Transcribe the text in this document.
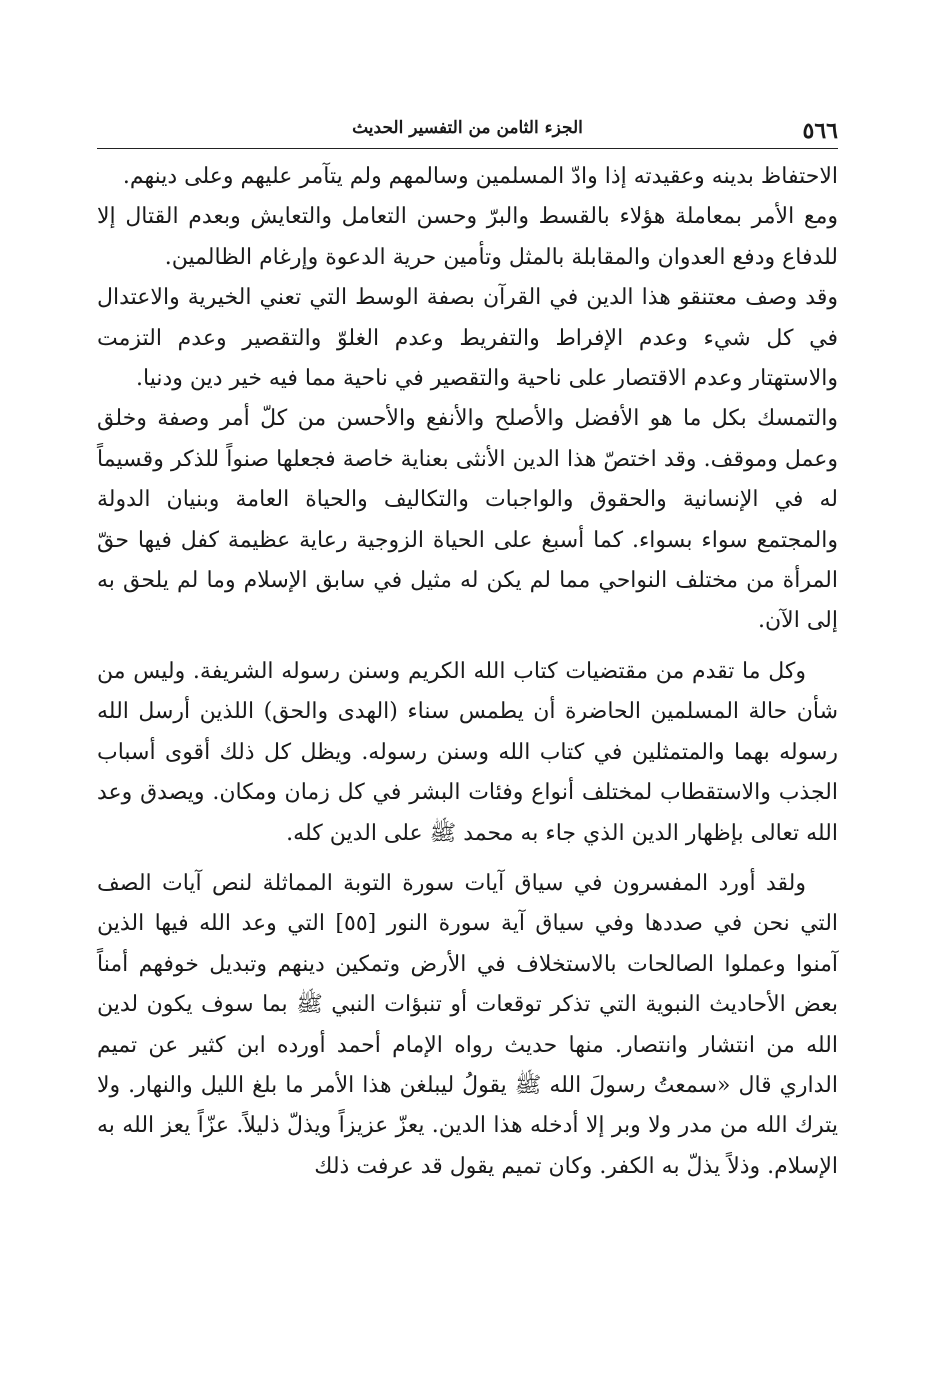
٥٦٦
الجزء الثامن من التفسير الحديث

الاحتفاظ بدينه وعقيدته إذا وادّ المسلمين وسالمهم ولم يتآمر عليهم وعلى دينهم.

ومع الأمر بمعاملة هؤلاء بالقسط والبرّ وحسن التعامل والتعايش وبعدم القتال إلا للدفاع ودفع العدوان والمقابلة بالمثل وتأمين حرية الدعوة وإرغام الظالمين.

وقد وصف معتنقو هذا الدين في القرآن بصفة الوسط التي تعني الخيرية والاعتدال في كل شيء وعدم الإفراط والتفريط وعدم الغلوّ والتقصير وعدم التزمت والاستهتار وعدم الاقتصار على ناحية والتقصير في ناحية مما فيه خير دين ودنيا.

والتمسك بكل ما هو الأفضل والأصلح والأنفع والأحسن من كلّ أمر وصفة وخلق وعمل وموقف. وقد اختصّ هذا الدين الأنثى بعناية خاصة فجعلها صنواً للذكر وقسيماً له في الإنسانية والحقوق والواجبات والتكاليف والحياة العامة وبنيان الدولة والمجتمع سواء بسواء. كما أسبغ على الحياة الزوجية رعاية عظيمة كفل فيها حقّ المرأة من مختلف النواحي مما لم يكن له مثيل في سابق الإسلام وما لم يلحق به إلى الآن.

وكل ما تقدم من مقتضيات كتاب الله الكريم وسنن رسوله الشريفة. وليس من شأن حالة المسلمين الحاضرة أن يطمس سناء (الهدى والحق) اللذين أرسل الله رسوله بهما والمتمثلين في كتاب الله وسنن رسوله. ويظل كل ذلك أقوى أسباب الجذب والاستقطاب لمختلف أنواع وفئات البشر في كل زمان ومكان. ويصدق وعد الله تعالى بإظهار الدين الذي جاء به محمد ﷺ على الدين كله.

ولقد أورد المفسرون في سياق آيات سورة التوبة المماثلة لنص آيات الصف التي نحن في صددها وفي سياق آية سورة النور [٥٥] التي وعد الله فيها الذين آمنوا وعملوا الصالحات بالاستخلاف في الأرض وتمكين دينهم وتبديل خوفهم أمناً بعض الأحاديث النبوية التي تذكر توقعات أو تنبؤات النبي ﷺ بما سوف يكون لدين الله من انتشار وانتصار. منها حديث رواه الإمام أحمد أورده ابن كثير عن تميم الداري قال «سمعتُ رسولَ الله ﷺ يقولُ ليبلغن هذا الأمر ما بلغ الليل والنهار. ولا يترك الله من مدر ولا وبر إلا أدخله هذا الدين. يعزّ عزيزاً ويذلّ ذليلاً. عزّاً يعز الله به الإسلام. وذلاً يذلّ به الكفر. وكان تميم يقول قد عرفت ذلك
